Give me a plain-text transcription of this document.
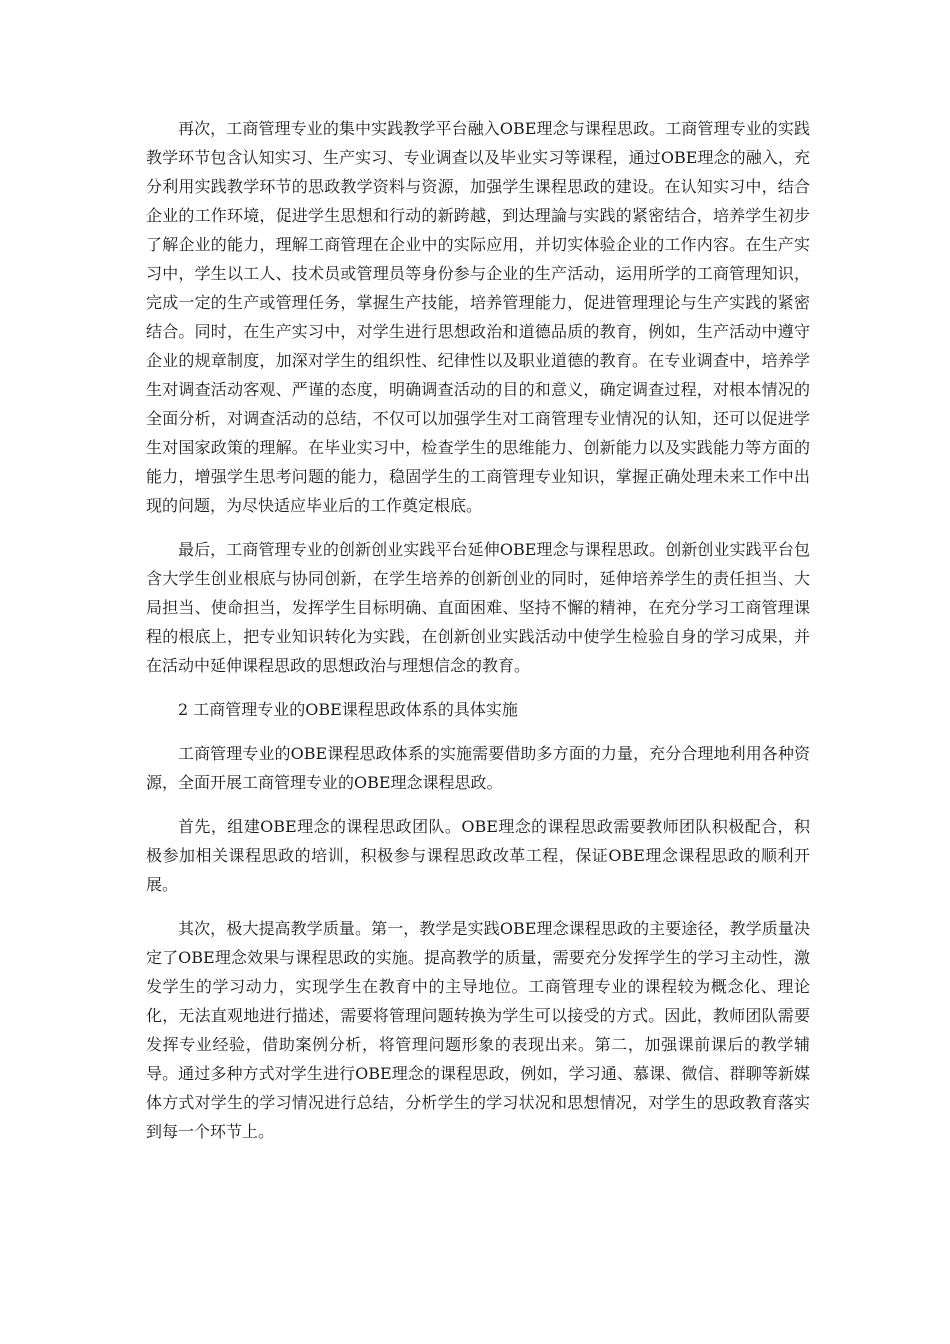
再次，工商管理专业的集中实践教学平台融入OBE理念与课程思政。工商管理专业的实践教学环节包含认知实习、生产实习、专业调查以及毕业实习等课程，通过OBE理念的融入，充分利用实践教学环节的思政教学资料与资源，加强学生课程思政的建设。在认知实习中，结合企业的工作环境，促进学生思想和行动的新跨越，到达理論与实践的紧密结合，培养学生初步了解企业的能力，理解工商管理在企业中的实际应用，并切实体验企业的工作内容。在生产实习中，学生以工人、技术员或管理员等身份参与企业的生产活动，运用所学的工商管理知识，完成一定的生产或管理任务，掌握生产技能，培养管理能力，促进管理理论与生产实践的紧密结合。同时，在生产实习中，对学生进行思想政治和道德品质的教育，例如，生产活动中遵守企业的规章制度，加深对学生的组织性、纪律性以及职业道德的教育。在专业调查中，培养学生对调查活动客观、严谨的态度，明确调查活动的目的和意义，确定调查过程，对根本情况的全面分析，对调查活动的总结，不仅可以加强学生对工商管理专业情况的认知，还可以促进学生对国家政策的理解。在毕业实习中，检查学生的思维能力、创新能力以及实践能力等方面的能力，增强学生思考问题的能力，稳固学生的工商管理专业知识，掌握正确处理未来工作中出现的问题，为尽快适应毕业后的工作奠定根底。

最后，工商管理专业的创新创业实践平台延伸OBE理念与课程思政。创新创业实践平台包含大学生创业根底与协同创新，在学生培养的创新创业的同时，延伸培养学生的责任担当、大局担当、使命担当，发挥学生目标明确、直面困难、坚持不懈的精神，在充分学习工商管理课程的根底上，把专业知识转化为实践，在创新创业实践活动中使学生检验自身的学习成果，并在活动中延伸课程思政的思想政治与理想信念的教育。

2 工商管理专业的OBE课程思政体系的具体实施

工商管理专业的OBE课程思政体系的实施需要借助多方面的力量，充分合理地利用各种资源，全面开展工商管理专业的OBE理念课程思政。

首先，组建OBE理念的课程思政团队。OBE理念的课程思政需要教师团队积极配合，积极参加相关课程思政的培训，积极参与课程思政改革工程，保证OBE理念课程思政的顺利开展。

其次，极大提高教学质量。第一，教学是实践OBE理念课程思政的主要途径，教学质量决定了OBE理念效果与课程思政的实施。提高教学的质量，需要充分发挥学生的学习主动性，激发学生的学习动力，实现学生在教育中的主导地位。工商管理专业的课程较为概念化、理论化，无法直观地进行描述，需要将管理问题转换为学生可以接受的方式。因此，教师团队需要发挥专业经验，借助案例分析，将管理问题形象的表现出来。第二，加强课前课后的教学辅导。通过多种方式对学生进行OBE理念的课程思政，例如，学习通、慕课、微信、群聊等新媒体方式对学生的学习情况进行总结，分析学生的学习状况和思想情况，对学生的思政教育落实到每一个环节上。
